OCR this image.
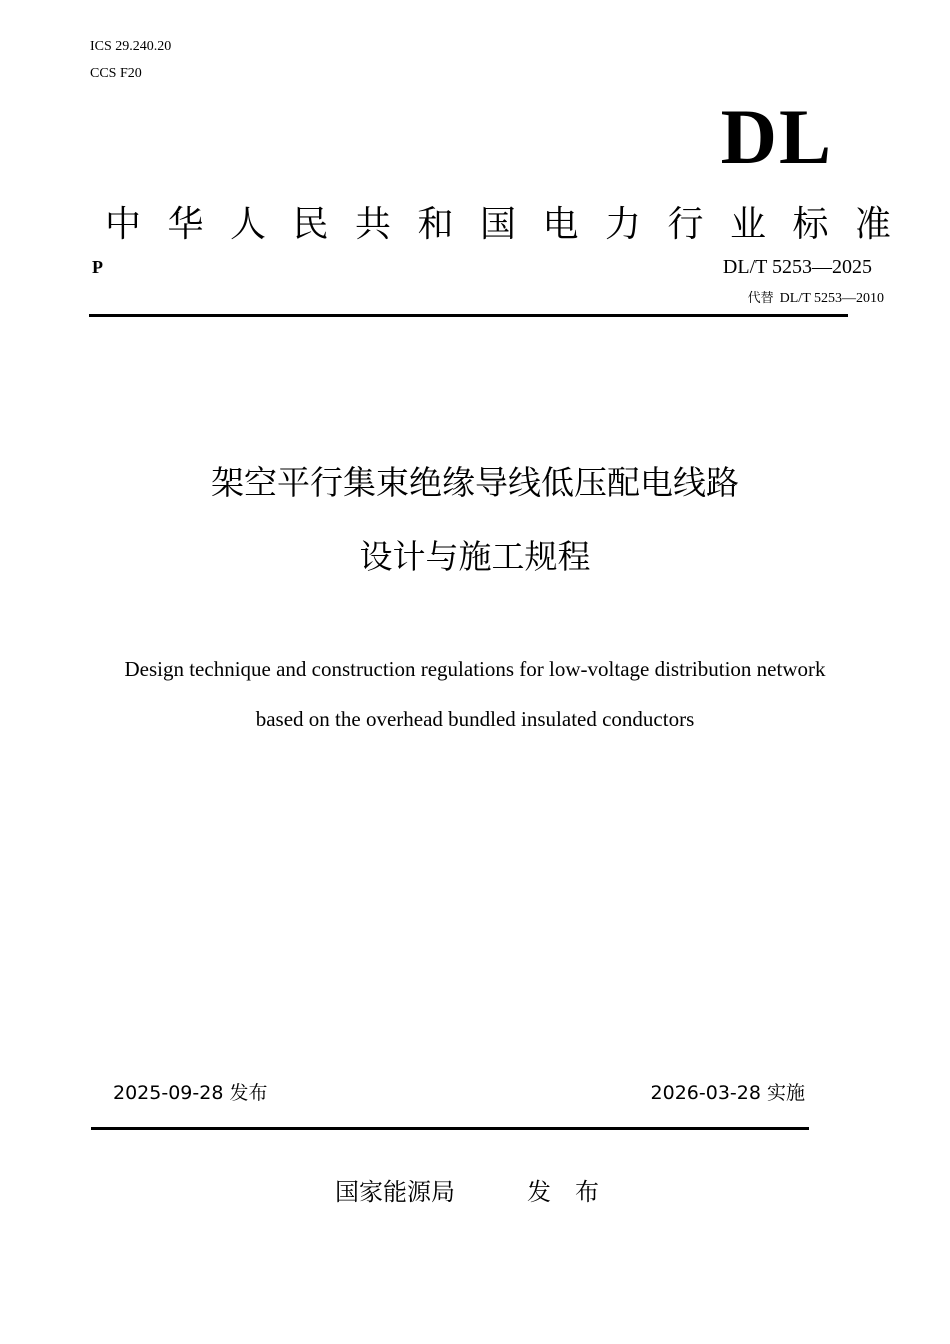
ICS 29.240.20
CCS F20
DL
中华人民共和国电力行业标准
P	DL/T 5253—2025
代替 DL/T 5253—2010
架空平行集束绝缘导线低压配电线路
设计与施工规程
Design technique and construction regulations for low-voltage distribution network
based on the overhead bundled insulated conductors
2025-09-28 发布	2026-03-28 实施
国家能源局	发布
